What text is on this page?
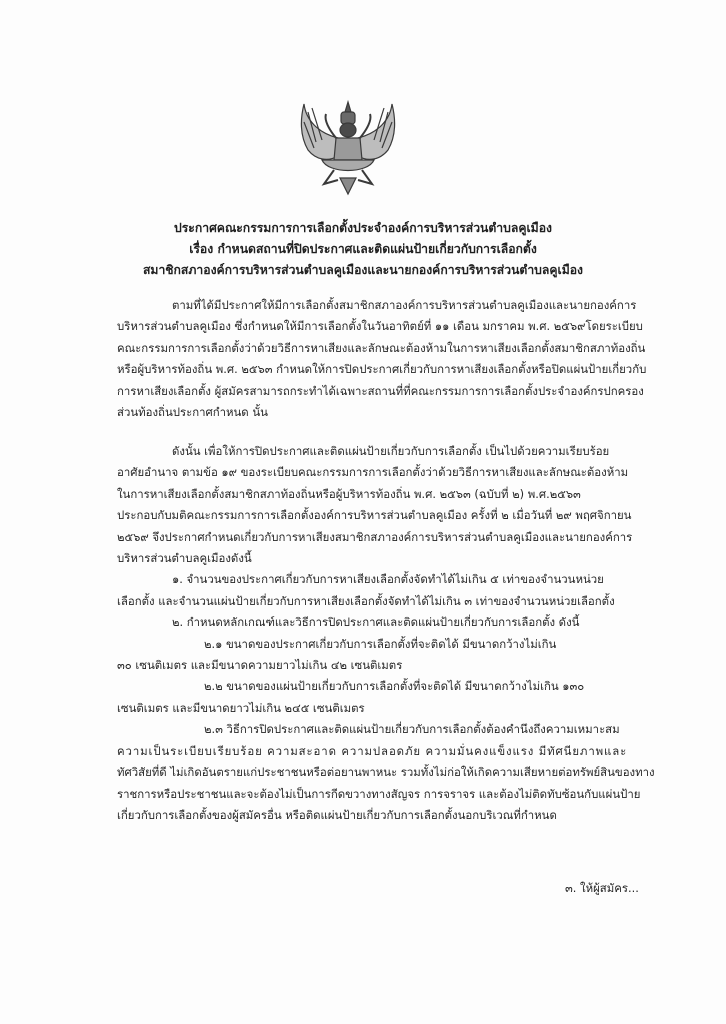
ประกาศคณะกรรมการการเลือกตั้งประจำองค์การบริหารส่วนตำบลคูเมือง
เรื่อง กำหนดสถานที่ปิดประกาศและติดแผ่นป้ายเกี่ยวกับการเลือกตั้ง
สมาชิกสภาองค์การบริหารส่วนตำบลคูเมืองและนายกองค์การบริหารส่วนตำบลคูเมือง
ตามที่ได้มีประกาศให้มีการเลือกตั้งสมาชิกสภาองค์การบริหารส่วนตำบลคูเมืองและนายกองค์การ
บริหารส่วนตำบลคูเมือง ซึ่งกำหนดให้มีการเลือกตั้งในวันอาทิตย์ที่ ๑๑ เดือน มกราคม พ.ศ. ๒๕๖๙โดยระเบียบ
คณะกรรมการการเลือกตั้งว่าด้วยวิธีการหาเสียงและลักษณะต้องห้ามในการหาเสียงเลือกตั้งสมาชิกสภาท้องถิ่น
หรือผู้บริหารท้องถิ่น พ.ศ. ๒๕๖๓ กำหนดให้การปิดประกาศเกี่ยวกับการหาเสียงเลือกตั้งหรือปิดแผ่นป้ายเกี่ยวกับ
การหาเสียงเลือกตั้ง ผู้สมัครสามารถกระทำได้เฉพาะสถานที่ที่คณะกรรมการการเลือกตั้งประจำองค์กรปกครอง
ส่วนท้องถิ่นประกาศกำหนด นั้น
ดังนั้น เพื่อให้การปิดประกาศและติดแผ่นป้ายเกี่ยวกับการเลือกตั้ง เป็นไปด้วยความเรียบร้อย
อาศัยอำนาจ ตามข้อ ๑๙ ของระเบียบคณะกรรมการการเลือกตั้งว่าด้วยวิธีการหาเสียงและลักษณะต้องห้าม
ในการหาเสียงเลือกตั้งสมาชิกสภาท้องถิ่นหรือผู้บริหารท้องถิ่น พ.ศ. ๒๕๖๓ (ฉบับที่ ๒) พ.ศ.๒๕๖๓
ประกอบกับมติคณะกรรมการการเลือกตั้งองค์การบริหารส่วนตำบลคูเมือง ครั้งที่ ๒ เมื่อวันที่ ๒๙ พฤศจิกายน
๒๕๖๙ จึงประกาศกำหนดเกี่ยวกับการหาเสียงสมาชิกสภาองค์การบริหารส่วนตำบลคูเมืองและนายกองค์การ
บริหารส่วนตำบลคูเมืองดังนี้
๑. จำนวนของประกาศเกี่ยวกับการหาเสียงเลือกตั้งจัดทำได้ไม่เกิน ๕ เท่าของจำนวนหน่วย
เลือกตั้ง และจำนวนแผ่นป้ายเกี่ยวกับการหาเสียงเลือกตั้งจัดทำได้ไม่เกิน ๓ เท่าของจำนวนหน่วยเลือกตั้ง
๒. กำหนดหลักเกณฑ์และวิธีการปิดประกาศและติดแผ่นป้ายเกี่ยวกับการเลือกตั้ง ดังนี้
๒.๑ ขนาดของประกาศเกี่ยวกับการเลือกตั้งที่จะติดได้ มีขนาดกว้างไม่เกิน
๓๐ เซนติเมตร และมีขนาดความยาวไม่เกิน ๔๒ เซนติเมตร
๒.๒ ขนาดของแผ่นป้ายเกี่ยวกับการเลือกตั้งที่จะติดได้ มีขนาดกว้างไม่เกิน ๑๓๐
เซนติเมตร และมีขนาดยาวไม่เกิน ๒๔๕ เซนติเมตร
๒.๓ วิธีการปิดประกาศและติดแผ่นป้ายเกี่ยวกับการเลือกตั้งต้องคำนึงถึงความเหมาะสม
ความเป็นระเบียบเรียบร้อย ความสะอาด ความปลอดภัย ความมั่นคงแข็งแรง มีทัศนียภาพและ
ทัศวิสัยที่ดี ไม่เกิดอันตรายแก่ประชาชนหรือต่อยานพาหนะ รวมทั้งไม่ก่อให้เกิดความเสียหายต่อทรัพย์สินของทาง
ราชการหรือประชาชนและจะต้องไม่เป็นการกีดขวางทางสัญจร การจราจร และต้องไม่ติดทับซ้อนกับแผ่นป้าย
เกี่ยวกับการเลือกตั้งของผู้สมัครอื่น หรือติดแผ่นป้ายเกี่ยวกับการเลือกตั้งนอกบริเวณที่กำหนด
๓. ให้ผู้สมัคร...
